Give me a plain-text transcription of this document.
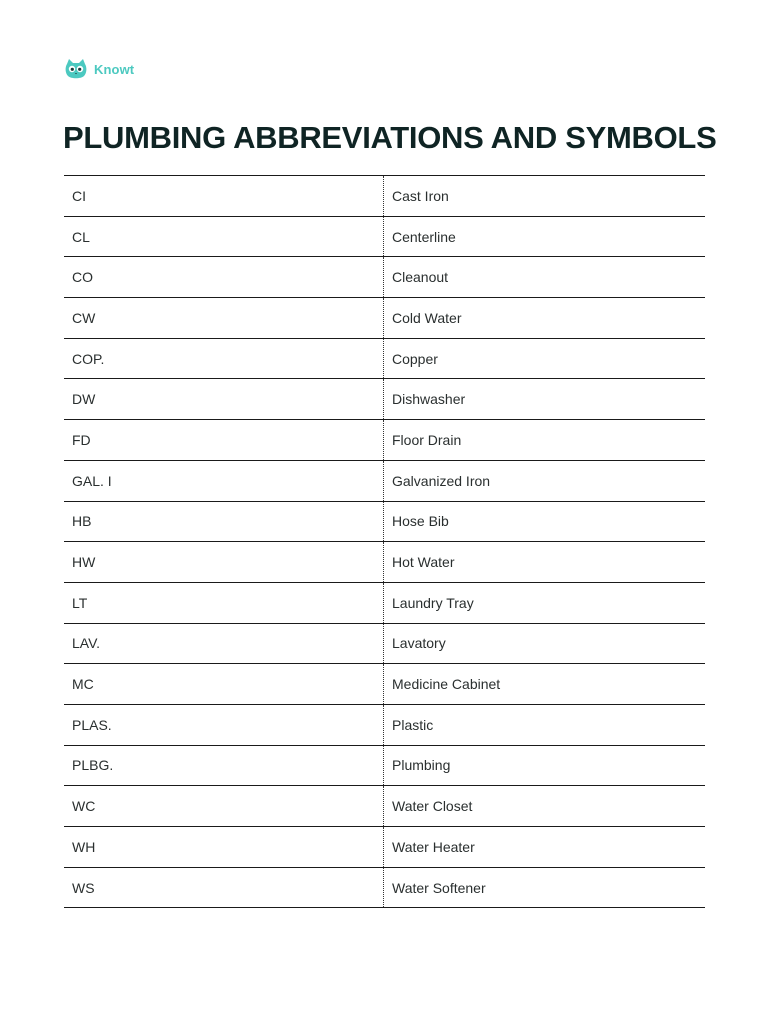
Knowt
PLUMBING ABBREVIATIONS AND SYMBOLS
CI	Cast Iron
CL	Centerline
CO	Cleanout
CW	Cold Water
COP.	Copper
DW	Dishwasher
FD	Floor Drain
GAL. I	Galvanized Iron
HB	Hose Bib
HW	Hot Water
LT	Laundry Tray
LAV.	Lavatory
MC	Medicine Cabinet
PLAS.	Plastic
PLBG.	Plumbing
WC	Water Closet
WH	Water Heater
WS	Water Softener
